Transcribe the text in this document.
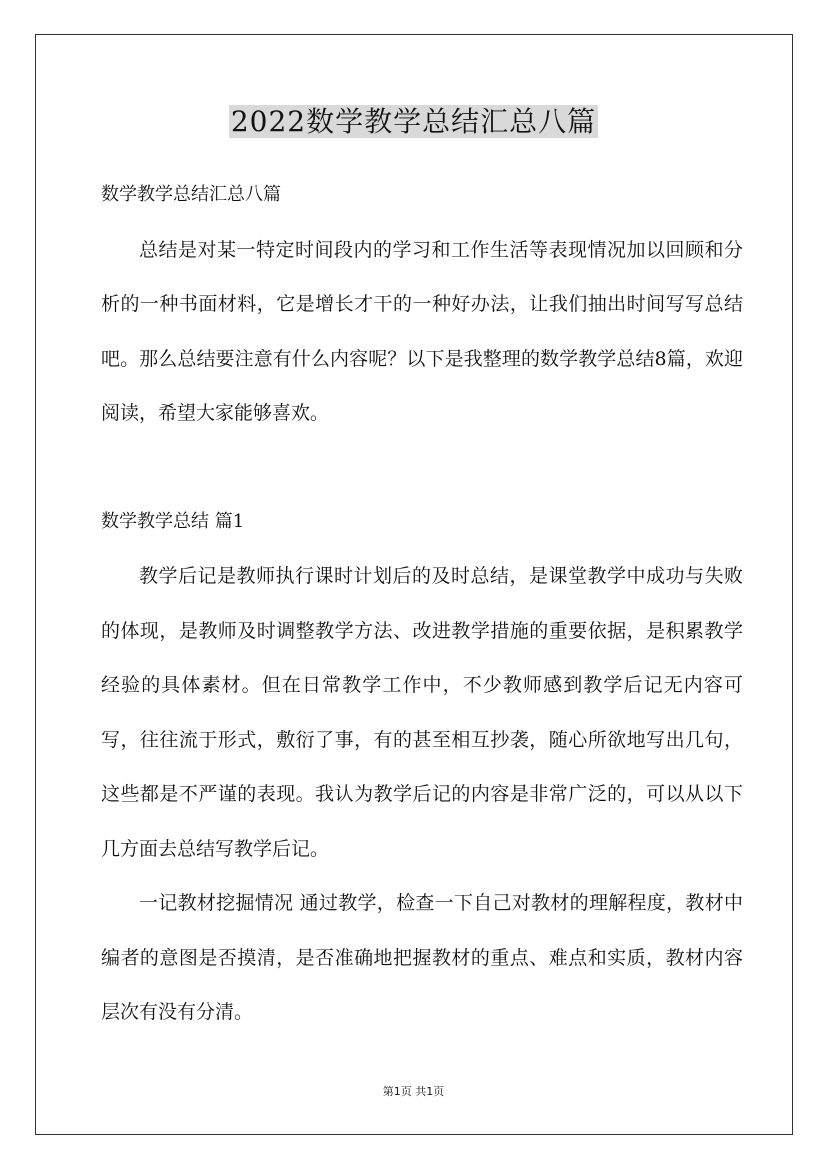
2022数学教学总结汇总八篇

数学教学总结汇总八篇

总结是对某一特定时间段内的学习和工作生活等表现情况加以回顾和分析的一种书面材料，它是增长才干的一种好办法，让我们抽出时间写写总结吧。那么总结要注意有什么内容呢？以下是我整理的数学教学总结8篇，欢迎阅读，希望大家能够喜欢。

数学教学总结 篇1

教学后记是教师执行课时计划后的及时总结，是课堂教学中成功与失败的体现，是教师及时调整教学方法、改进教学措施的重要依据，是积累教学经验的具体素材。但在日常教学工作中，不少教师感到教学后记无内容可写，往往流于形式，敷衍了事，有的甚至相互抄袭，随心所欲地写出几句，这些都是不严谨的表现。我认为教学后记的内容是非常广泛的，可以从以下几方面去总结写教学后记。

一记教材挖掘情况 通过教学，检查一下自己对教材的理解程度，教材中编者的意图是否摸清，是否准确地把握教材的重点、难点和实质，教材内容层次有没有分清。

第1页 共1页
